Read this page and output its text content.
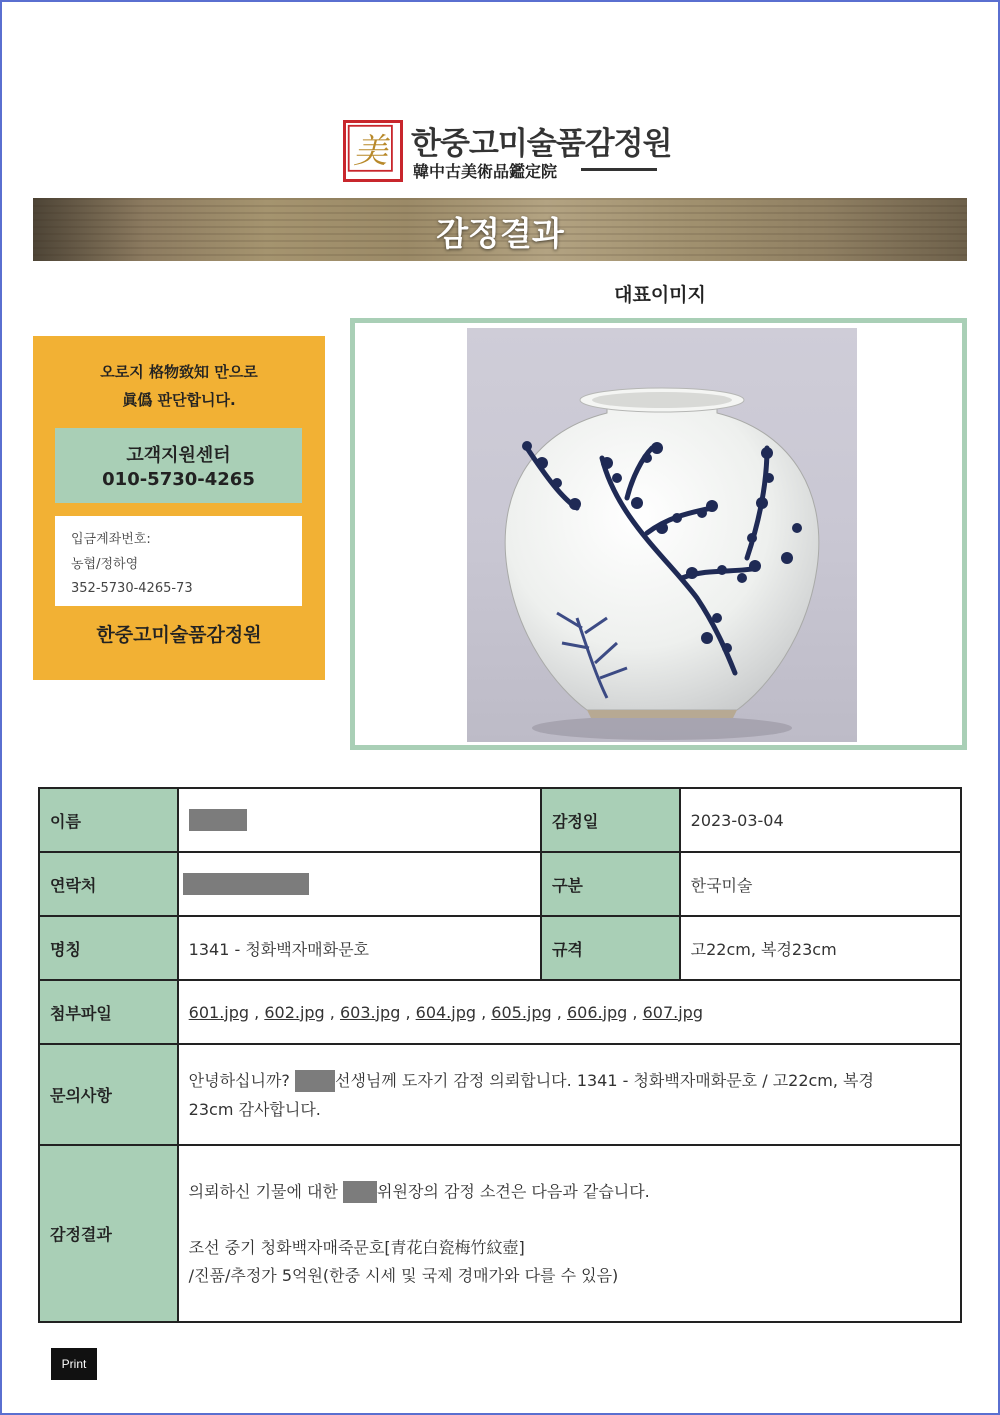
美 한중고미술품감정원
韓中古美術品鑑定院
감정결과
대표이미지
오로지 格物致知 만으로
眞僞 판단합니다.
고객지원센터
010-5730-4265
입금계좌번호:
농협/정하영
352-5730-4265-73
한중고미술품감정원
이름		감정일	2023-03-04
연락처		구분	한국미술
명칭	1341 - 청화백자매화문호	규격	고22cm, 복경23cm
첨부파일	601.jpg , 602.jpg , 603.jpg , 604.jpg , 605.jpg , 606.jpg , 607.jpg		
문의사항	안녕하십니까? 선생님께 도자기 감정 의뢰합니다. 1341 - 청화백자매화문호 / 고22cm, 복경
23cm 감사합니다.		
감정결과	의뢰하신 기물에 대한 위원장의 감정 소견은 다음과 같습니다.

조선 중기 청화백자매죽문호[青花白瓷梅竹紋壺]
/진품/추정가 5억원(한중 시세 및 국제 경매가와 다를 수 있음)		
Print
